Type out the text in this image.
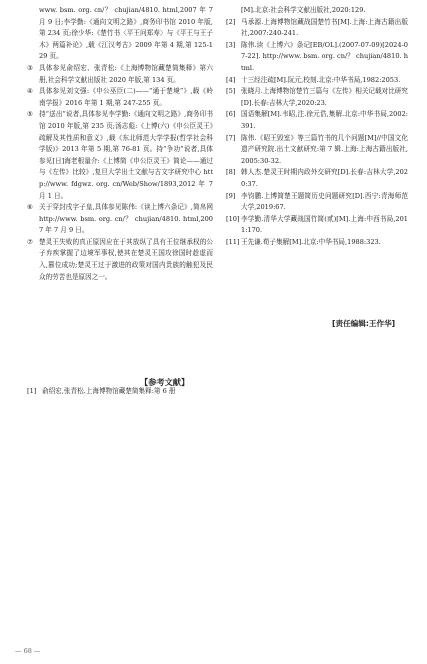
www. bsm. org. cn/？ chujian/4810. html,2007 年 7 月 9 日;李学勤:《通向文明之路》,商务印书馆 2010 年版,第 234 页;徐少华:《楚竹书〈平王问郑寿〉与《平王与王子木》两篇补论》,载《江汉考古》2009 年第 4 期,第 125-129 页。

③ 具体参见俞绍宏、张青松:《上海博物馆藏楚简集释》第六册,社会科学文献出版社 2020 年版,第 134 页。

④ 具体参见刘文强:《申公巫臣(二)——“通于楚境”》,载《岭南学报》2016 年第 1 期,第 247-255 页。

⑤ 持“送出”说者,具体参见李学勤:《通向文明之路》,商务印书馆 2010 年版,第 235 页;汤志彪:《上博(六)《申公臣灵王》疏解及其性质和意义》,载《东北师范大学学报(哲学社会科学版)》2013 年第 5 期,第 76-81 页。持“争功”说者,具体参见[日]海老根量介:《上博简《申公臣灵王》简论——通过与《左传》比较》,复旦大学出土文献与古文字研究中心 http://www. fdgwz. org. cn/Web/Show/1893,2012 年 7 月 1 日。

⑥ 关于穿封戌字子皇,具体参见陈伟:《读上博六条记》,简帛网 http://www. bsm. org. cn/？ chujian/4810. html,2007 年 7 月 9 日。

⑦ 楚灵王失败的真正原因应在于其放纵了具有王位继承权的公子弃疾掌握了边境军事权,使其在楚灵王国攻徐国时趁虚而入,篡位成功;楚灵王过于激进的政策对国内贵族的触犯及民众的劳苦也是原因之一。

【参考文献】

[1] 俞绍宏,张青松.上海博物馆藏楚简集释:第 6 册

[M].北京:社会科学文献出版社,2020:129.

[2] 马承源.上海博物馆藏战国楚竹书[M].上海:上海古籍出版社,2007:240-241.

[3] 陈伟.读《上博六》条记[EB/OL].(2007-07-09)[2024-07-22]. http://www. bsm. org. cn/？ chujian/4810. html.

[4] 十三经注疏[M].阮元,校刻.北京:中华书局,1982:2053.

[5] 张晓月.上海博物馆楚竹三篇与《左传》相关记载对比研究[D].长春:吉林大学,2020:23.

[6] 国语集解[M].韦昭,注.徐元诰,集解.北京:中华书局,2002:391.

[7] 陈伟.《昭王毁室》等三篇竹书的几个问题[M]//中国文化遗产研究院.出土文献研究:第 7 辑.上海:上海古籍出版社,2005:30-32.

[8] 韩人杰.楚灵王时期内政外交研究[D].长春:吉林大学,2020:37.

[9] 李钧鹏.上博简楚王题简历史问题研究[D].西宁:青海师范大学,2019:67.

[10] 李学勤.清华大学藏战国竹简(贰)[M].上海:中西书局,2011:170.

[11] 王先谦.荀子集解[M].北京:中华书局,1988:323.

[责任编辑:王作华]
— 68 —
